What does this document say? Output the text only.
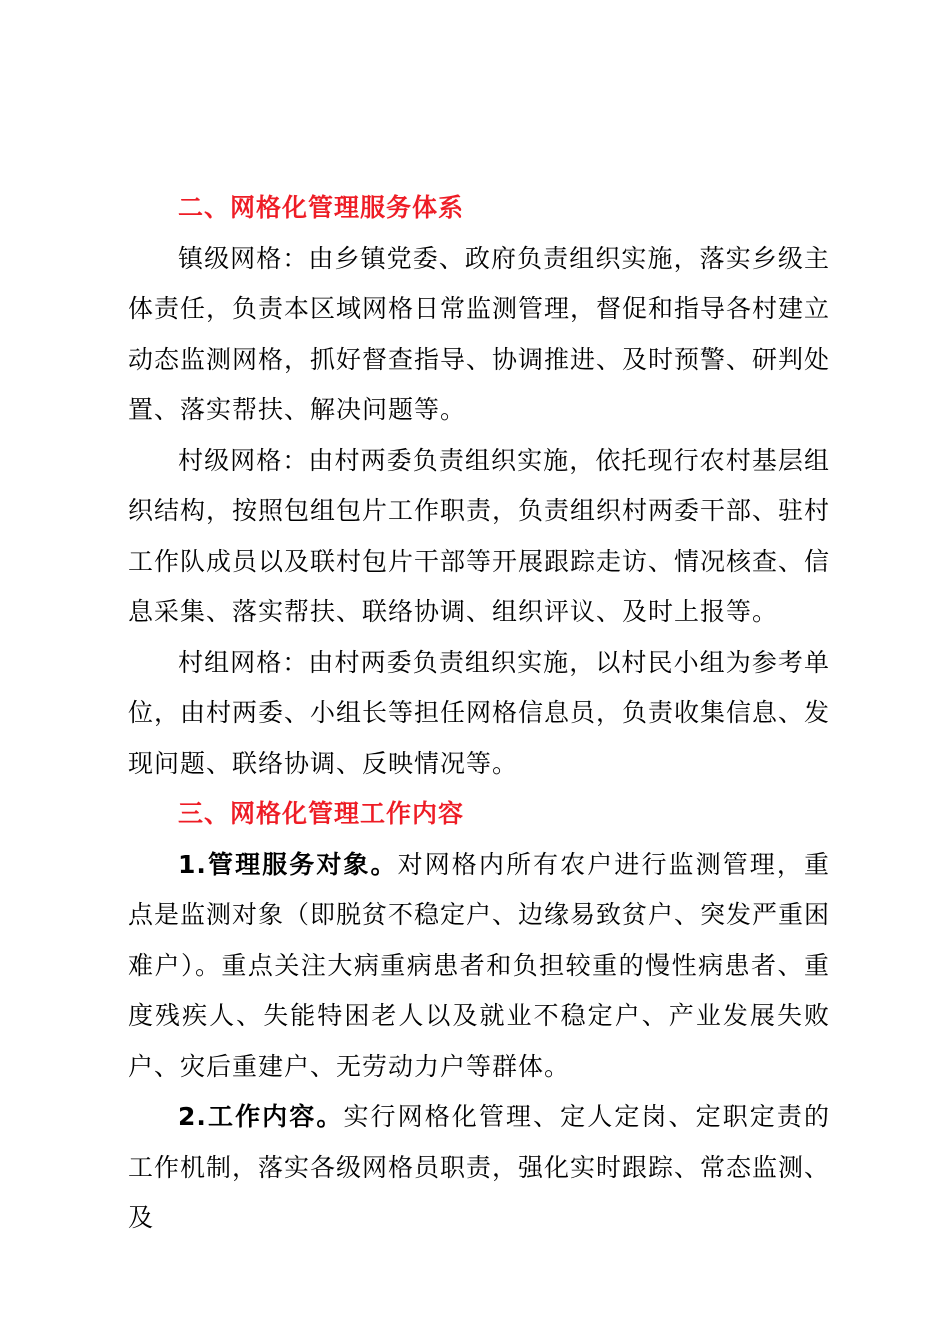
二、网格化管理服务体系

镇级网格：由乡镇党委、政府负责组织实施，落实乡级主体责任，负责本区域网格日常监测管理，督促和指导各村建立动态监测网格，抓好督查指导、协调推进、及时预警、研判处置、落实帮扶、解决问题等。

村级网格：由村两委负责组织实施，依托现行农村基层组织结构，按照包组包片工作职责，负责组织村两委干部、驻村工作队成员以及联村包片干部等开展跟踪走访、情况核查、信息采集、落实帮扶、联络协调、组织评议、及时上报等。

村组网格：由村两委负责组织实施，以村民小组为参考单位，由村两委、小组长等担任网格信息员，负责收集信息、发现问题、联络协调、反映情况等。

三、网格化管理工作内容

1.管理服务对象。对网格内所有农户进行监测管理，重点是监测对象（即脱贫不稳定户、边缘易致贫户、突发严重困难户）。重点关注大病重病患者和负担较重的慢性病患者、重度残疾人、失能特困老人以及就业不稳定户、产业发展失败户、灾后重建户、无劳动力户等群体。

2.工作内容。实行网格化管理、定人定岗、定职定责的工作机制，落实各级网格员职责，强化实时跟踪、常态监测、及
